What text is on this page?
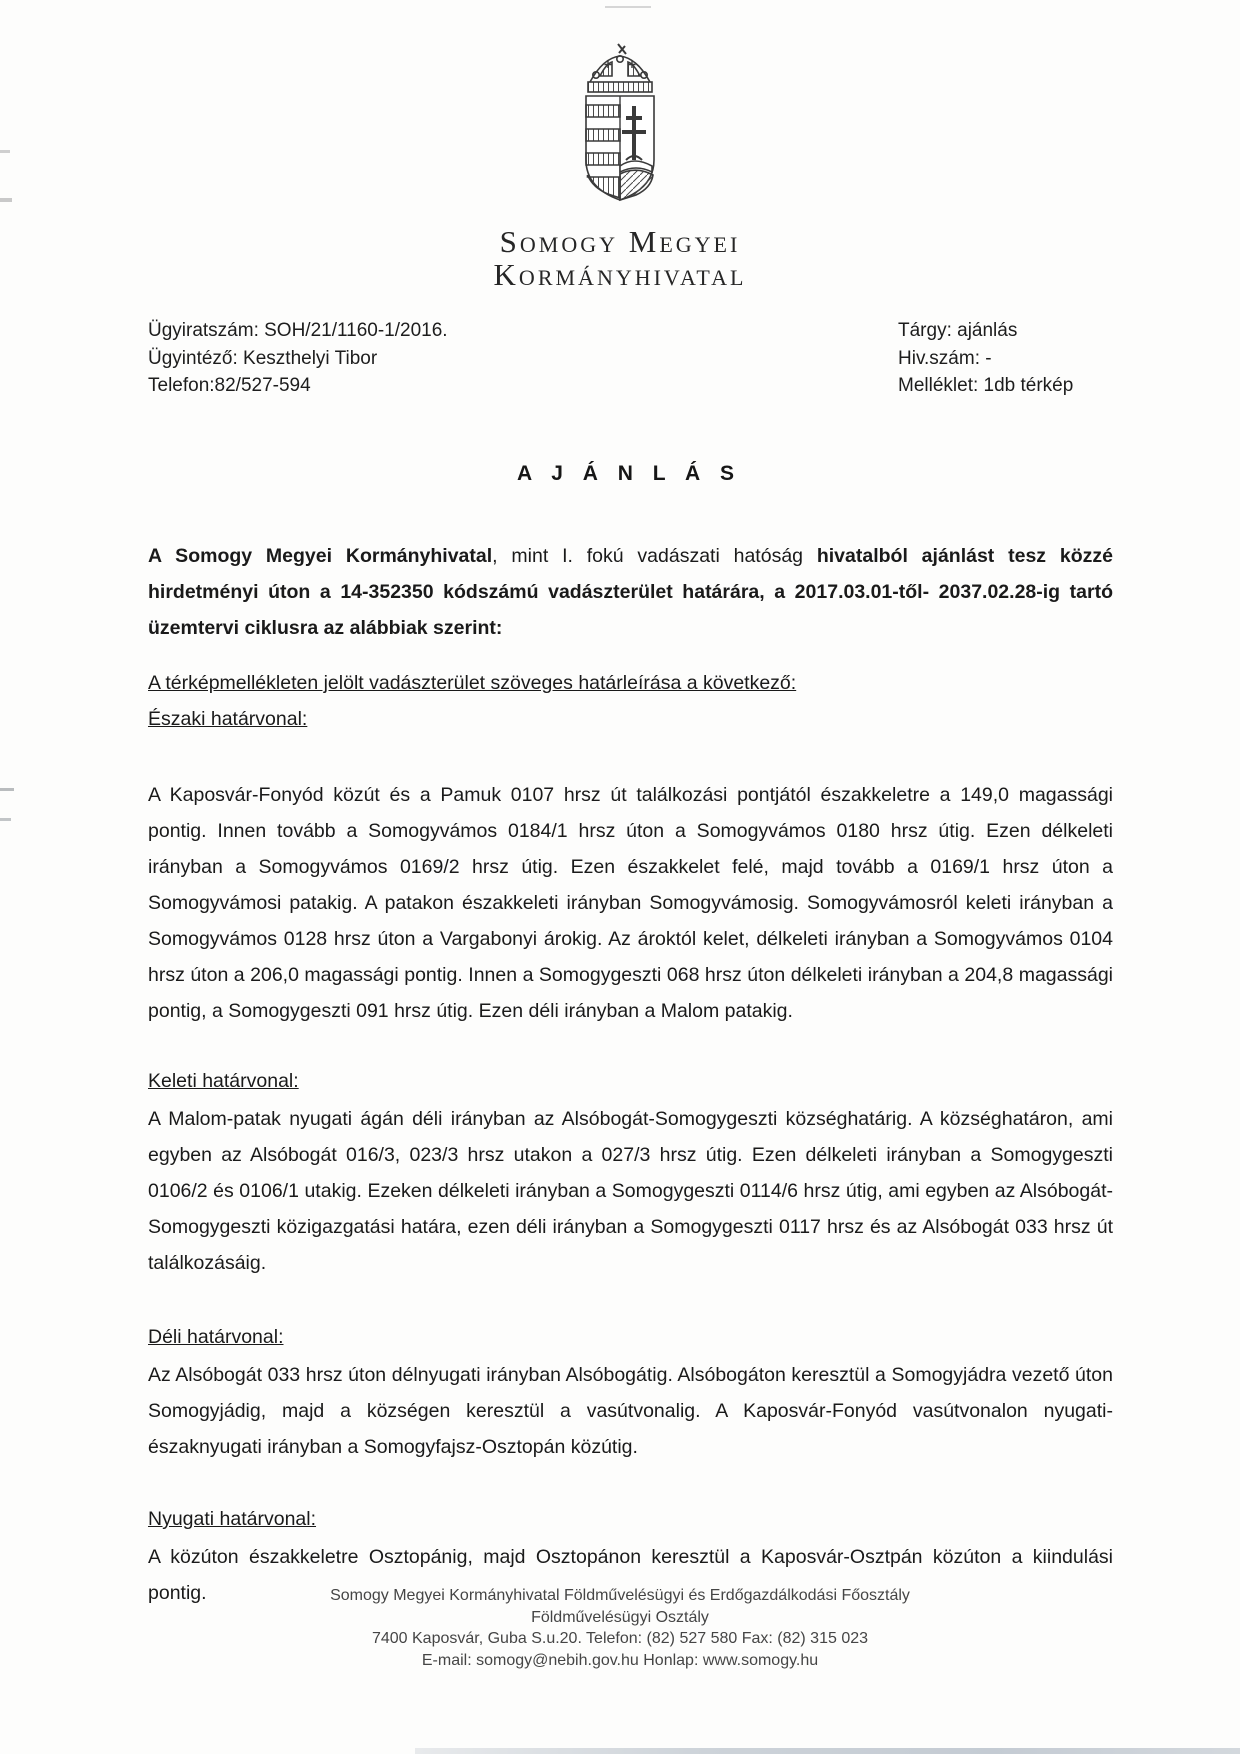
Somogy Megyei
Kormányhivatal
Ügyiratszám: SOH/21/1160-1/2016.
Ügyintéző: Keszthelyi Tibor
Telefon:82/527-594
Tárgy: ajánlás
Hiv.szám: -
Melléklet: 1db térkép
A J Á N L Á S

A Somogy Megyei Kormányhivatal, mint I. fokú vadászati hatóság hivatalból ajánlást tesz közzé hirdetményi úton a 14-352350 kódszámú vadászterület határára, a 2017.03.01-től- 2037.02.28-ig tartó üzemtervi ciklusra az alábbiak szerint:

A térképmellékleten jelölt vadászterület szöveges határleírása a következő:
Északi határvonal:

A Kaposvár-Fonyód közút és a Pamuk 0107 hrsz út találkozási pontjától északkeletre a 149,0 magassági pontig. Innen tovább a Somogyvámos 0184/1 hrsz úton a Somogyvámos 0180 hrsz útig. Ezen délkeleti irányban a Somogyvámos 0169/2 hrsz útig. Ezen északkelet felé, majd tovább a 0169/1 hrsz úton a Somogyvámosi patakig. A patakon északkeleti irányban Somogyvámosig. Somogyvámosról keleti irányban a Somogyvámos 0128 hrsz úton a Vargabonyi árokig. Az ároktól kelet, délkeleti irányban a Somogyvámos 0104 hrsz úton a 206,0 magassági pontig. Innen a Somogygeszti 068 hrsz úton délkeleti irányban a 204,8 magassági pontig, a Somogygeszti 091 hrsz útig. Ezen déli irányban a Malom patakig.

Keleti határvonal:

A Malom-patak nyugati ágán déli irányban az Alsóbogát-Somogygeszti községhatárig. A községhatáron, ami egyben az Alsóbogát 016/3, 023/3 hrsz utakon a 027/3 hrsz útig. Ezen délkeleti irányban a Somogygeszti 0106/2 és 0106/1 utakig. Ezeken délkeleti irányban a Somogygeszti 0114/6 hrsz útig, ami egyben az Alsóbogát-Somogygeszti közigazgatási határa, ezen déli irányban a Somogygeszti 0117 hrsz és az Alsóbogát 033 hrsz út találkozásáig.

Déli határvonal:

Az Alsóbogát 033 hrsz úton délnyugati irányban Alsóbogátig. Alsóbogáton keresztül a Somogyjádra vezető úton Somogyjádig, majd a községen keresztül a vasútvonalig. A Kaposvár-Fonyód vasútvonalon nyugati-északnyugati irányban a Somogyfajsz-Osztopán közútig.

Nyugati határvonal:

A közúton északkeletre Osztopánig, majd Osztopánon keresztül a Kaposvár-Osztpán közúton a kiindulási pontig.	Somogy Megyei Kormányhivatal Földművelésügyi és Erdőgazdálkodási Főosztály
Földművelésügyi Osztály
7400 Kaposvár, Guba S.u.20. Telefon: (82) 527 580 Fax: (82) 315 023
E-mail: somogy@nebih.gov.hu Honlap: www.somogy.hu
